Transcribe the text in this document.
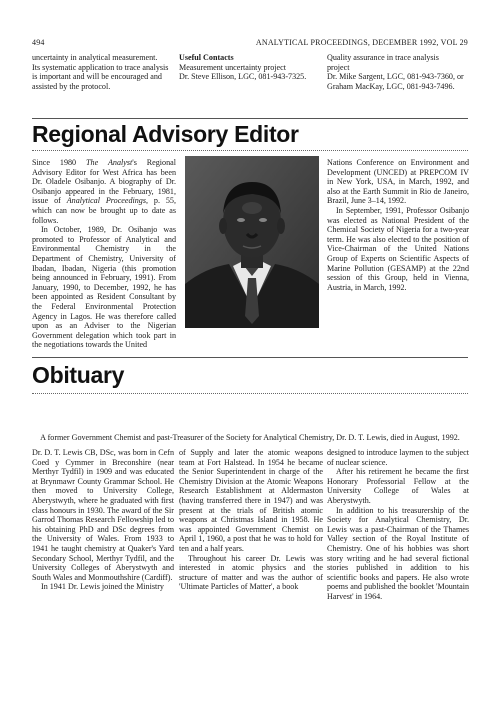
494	ANALYTICAL PROCEEDINGS, DECEMBER 1992, VOL 29
uncertainty in analytical measurement.
Its systematic application to trace analysis
is important and will be encouraged and
assisted by the protocol.
Useful Contacts
Measurement uncertainty project
Dr. Steve Ellison, LGC, 081-943-7325.
Quality assurance in trace analysis
project
Dr. Mike Sargent, LGC, 081-943-7360, or
Graham MacKay, LGC, 081-943-7496.
Regional Advisory Editor

Since 1980 The Analyst's Regional Advisory Editor for West Africa has been Dr. Oladele Osibanjo. A biography of Dr. Osibanjo appeared in the February, 1981, issue of Analytical Proceedings, p. 55, which can now be brought up to date as follows.

In October, 1989, Dr. Osibanjo was promoted to Professor of Analytical and Environmental Chemistry in the Department of Chemistry, University of Ibadan, Ibadan, Nigeria (this promotion being announced in February, 1991). From January, 1990, to December, 1992, he has been appointed as Resident Consultant by the Federal Environmental Protection Agency in Lagos. He was therefore called upon as an Adviser to the Nigerian Government delegation which took part in the negotiations towards the United

Nations Conference on Environment and Development (UNCED) at PREPCOM IV in New York, USA, in March, 1992, and also at the Earth Summit in Rio de Janeiro, Brazil, June 3–14, 1992.

In September, 1991, Professor Osibanjo was elected as National President of the Chemical Society of Nigeria for a two-year term. He was also elected to the position of Vice-Chairman of the United Nations Group of Experts on Scientific Aspects of Marine Pollution (GESAMP) at the 22nd session of this Group, held in Vienna, Austria, in March, 1992.

Obituary
A former Government Chemist and past-Treasurer of the Society for Analytical Chemistry, Dr. D. T. Lewis, died in August, 1992.

Dr. D. T. Lewis CB, DSc, was born in Cefn Coed y Cymmer in Breconshire (near Merthyr Tydfil) in 1909 and was educated at Brynmawr County Grammar School. He then moved to University College, Aberystwyth, where he graduated with first class honours in 1930. The award of the Sir Garrod Thomas Research Fellowship led to his obtaining PhD and DSc degrees from the University of Wales. From 1933 to 1941 he taught chemistry at Quaker's Yard Secondary School, Merthyr Tydfil, and the University Colleges of Aberystwyth and South Wales and Monmouthshire (Cardiff).

In 1941 Dr. Lewis joined the Ministry

of Supply and later the atomic weapons team at Fort Halstead. In 1954 he became the Senior Superintendent in charge of the Chemistry Division at the Atomic Weapons Research Establishment at Aldermaston (having transferred there in 1947) and was present at the trials of British atomic weapons at Christmas Island in 1958. He was appointed Government Chemist on April 1, 1960, a post that he was to hold for ten and a half years.

Throughout his career Dr. Lewis was interested in atomic physics and the structure of matter and was the author of 'Ultimate Particles of Matter', a book

designed to introduce laymen to the subject of nuclear science.

After his retirement he became the first Honorary Professorial Fellow at the University College of Wales at Aberystwyth.

In addition to his treasurership of the Society for Analytical Chemistry, Dr. Lewis was a past-Chairman of the Thames Valley section of the Royal Institute of Chemistry. One of his hobbies was short story writing and he had several fictional stories published in addition to his scientific books and papers. He also wrote poems and published the booklet 'Mountain Harvest' in 1964.
